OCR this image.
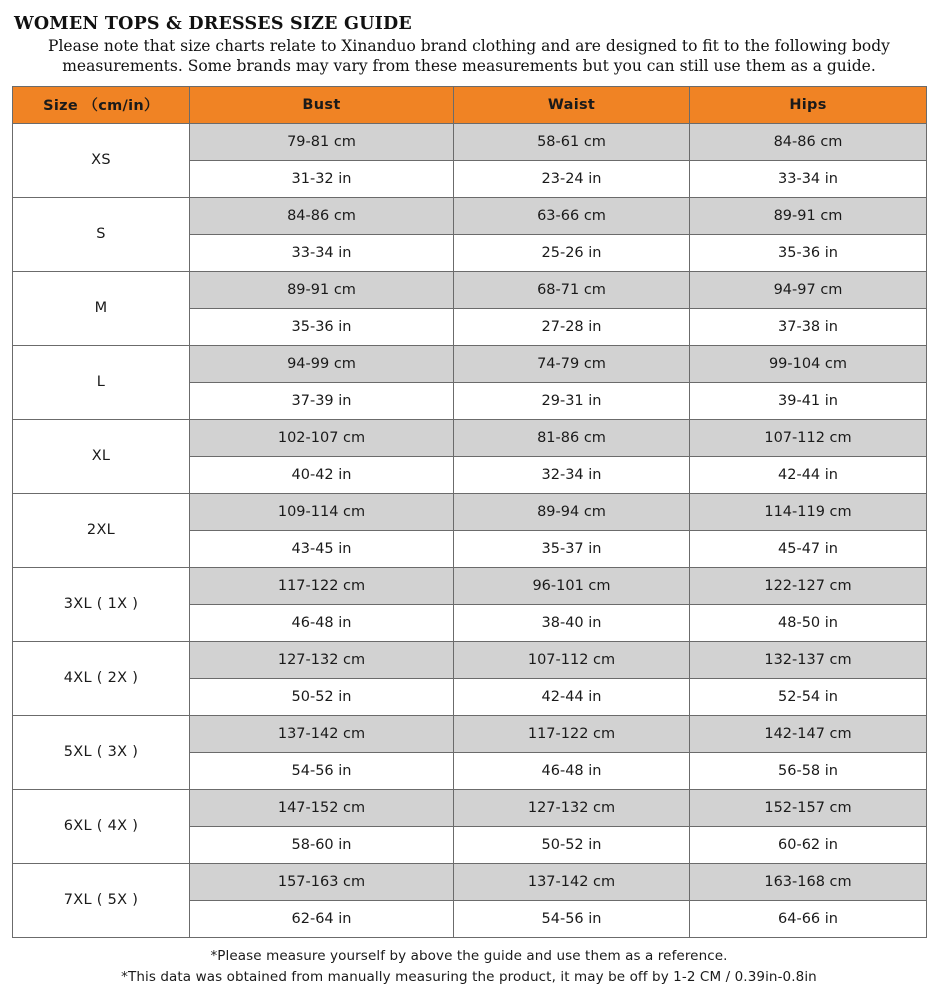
WOMEN TOPS & DRESSES SIZE GUIDE

Please note that size charts relate to Xinanduo brand clothing and are designed to fit to the following body measurements. Some brands may vary from these measurements but you can still use them as a guide.

Size （cm/in）	Bust	Waist	Hips
XS	79-81 cm	58-61 cm	84-86 cm
	31-32 in	23-24 in	33-34 in
S	84-86 cm	63-66 cm	89-91 cm
	33-34 in	25-26 in	35-36 in
M	89-91 cm	68-71 cm	94-97 cm
	35-36 in	27-28 in	37-38 in
L	94-99 cm	74-79 cm	99-104 cm
	37-39 in	29-31 in	39-41 in
XL	102-107 cm	81-86 cm	107-112 cm
	40-42 in	32-34 in	42-44 in
2XL	109-114 cm	89-94 cm	114-119 cm
	43-45 in	35-37 in	45-47 in
3XL ( 1X )	117-122 cm	96-101 cm	122-127 cm
	46-48 in	38-40 in	48-50 in
4XL ( 2X )	127-132 cm	107-112 cm	132-137 cm
	50-52 in	42-44 in	52-54 in
5XL ( 3X )	137-142 cm	117-122 cm	142-147 cm
	54-56 in	46-48 in	56-58 in
6XL ( 4X )	147-152 cm	127-132 cm	152-157 cm
	58-60 in	50-52 in	60-62 in
7XL ( 5X )	157-163 cm	137-142 cm	163-168 cm
	62-64 in	54-56 in	64-66 in
*Please measure yourself by above the guide and use them as a reference.
*This data was obtained from manually measuring the product, it may be off by 1-2 CM / 0.39in-0.8in
